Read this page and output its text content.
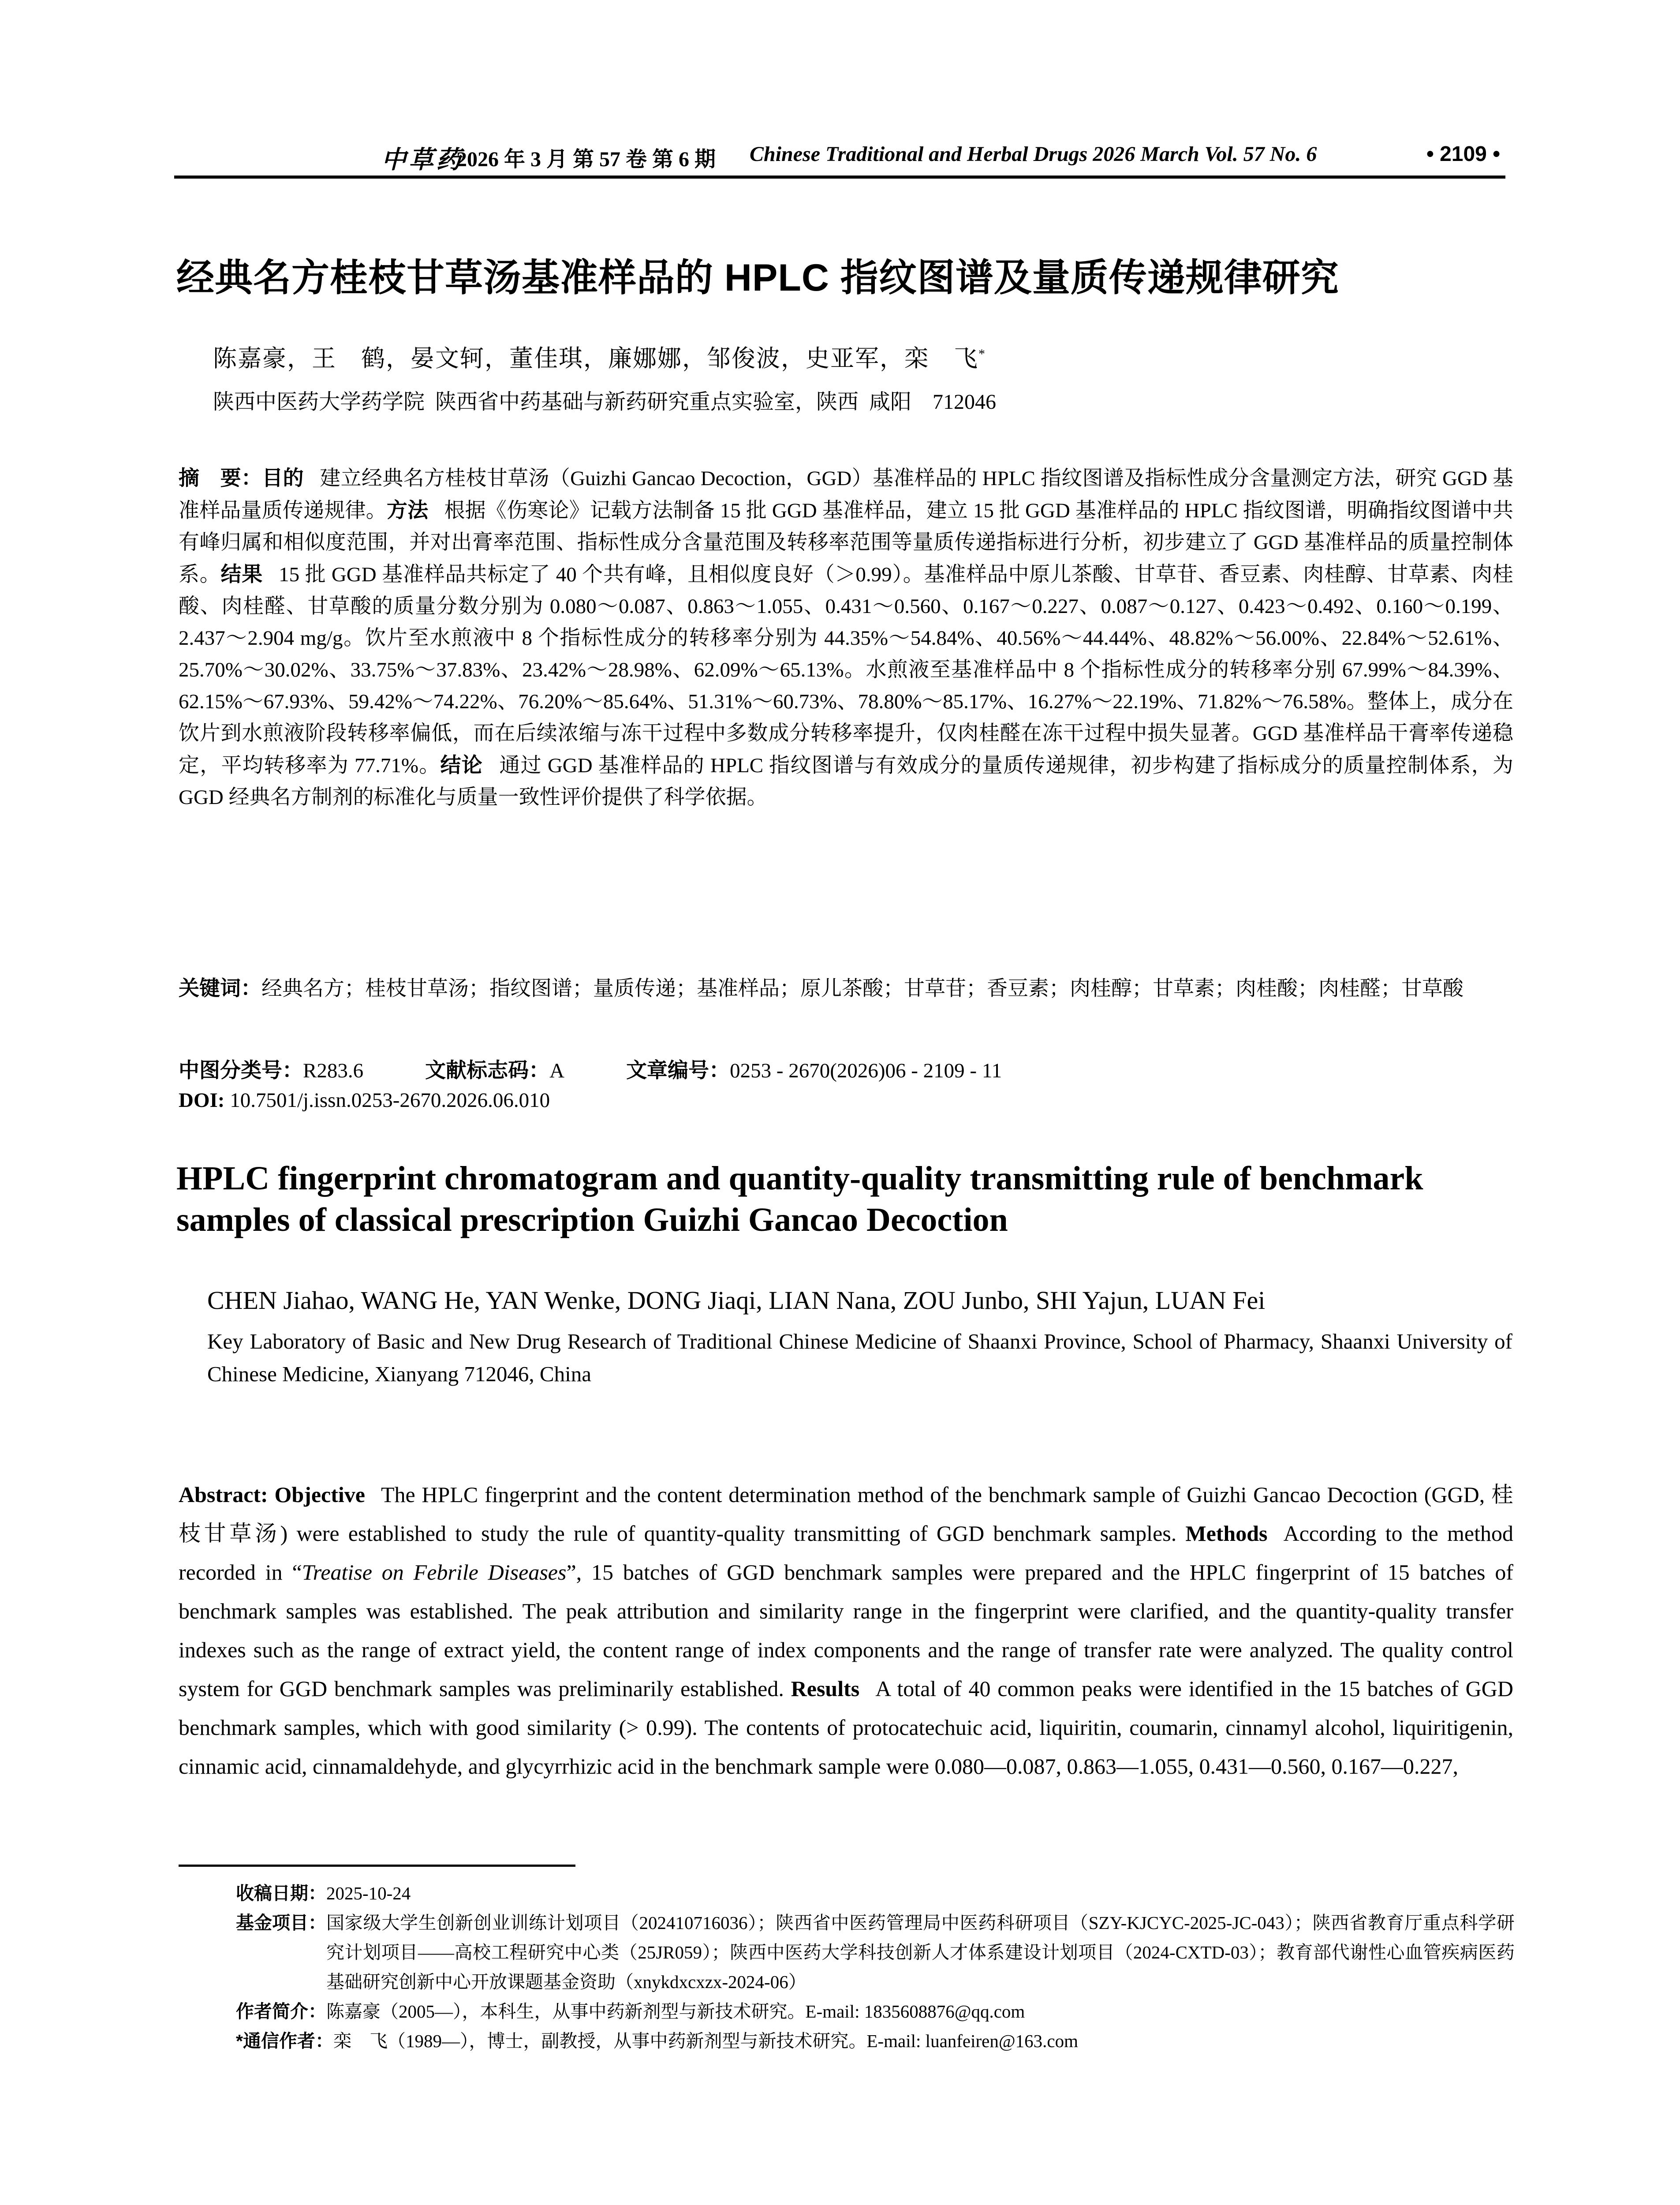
中草药
2026 年 3 月 第 57 卷 第 6 期 Chinese Traditional and Herbal Drugs 2026 March Vol. 57 No. 6	• 2109 •
经典名方桂枝甘草汤基准样品的 HPLC 指纹图谱及量质传递规律研究
陈嘉豪，王　鹤，晏文轲，董佳琪，廉娜娜，邹俊波，史亚军，栾　飞*
陕西中医药大学药学院  陕西省中药基础与新药研究重点实验室，陕西  咸阳    712046
摘　要：目的 建立经典名方桂枝甘草汤（Guizhi Gancao Decoction，GGD）基准样品的 HPLC 指纹图谱及指标性成分含量测定方法，研究 GGD 基准样品量质传递规律。方法 根据《伤寒论》记载方法制备 15 批 GGD 基准样品，建立 15 批 GGD 基准样品的 HPLC 指纹图谱，明确指纹图谱中共有峰归属和相似度范围，并对出膏率范围、指标性成分含量范围及转移率范围等量质传递指标进行分析，初步建立了 GGD 基准样品的质量控制体系。结果 15 批 GGD 基准样品共标定了 40 个共有峰，且相似度良好（＞0.99）。基准样品中原儿茶酸、甘草苷、香豆素、肉桂醇、甘草素、肉桂酸、肉桂醛、甘草酸的质量分数分别为 0.080～0.087、0.863～1.055、0.431～0.560、0.167～0.227、0.087～0.127、0.423～0.492、0.160～0.199、2.437～2.904 mg/g。饮片至水煎液中 8 个指标性成分的转移率分别为 44.35%～54.84%、40.56%～44.44%、48.82%～56.00%、22.84%～52.61%、25.70%～30.02%、33.75%～37.83%、23.42%～28.98%、62.09%～65.13%。水煎液至基准样品中 8 个指标性成分的转移率分别 67.99%～84.39%、62.15%～67.93%、59.42%～74.22%、76.20%～85.64%、51.31%～60.73%、78.80%～85.17%、16.27%～22.19%、71.82%～76.58%。整体上，成分在饮片到水煎液阶段转移率偏低，而在后续浓缩与冻干过程中多数成分转移率提升，仅肉桂醛在冻干过程中损失显著。GGD 基准样品干膏率传递稳定，平均转移率为 77.71%。结论 通过 GGD 基准样品的 HPLC 指纹图谱与有效成分的量质传递规律，初步构建了指标成分的质量控制体系，为 GGD 经典名方制剂的标准化与质量一致性评价提供了科学依据。
关键词：经典名方；桂枝甘草汤；指纹图谱；量质传递；基准样品；原儿茶酸；甘草苷；香豆素；肉桂醇；甘草素；肉桂酸；肉桂醛；甘草酸
中图分类号：R283.6	文献标志码：A	文章编号：0253 - 2670(2026)06 - 2109 - 11
DOI: 10.7501/j.issn.0253-2670.2026.06.010
HPLC fingerprint chromatogram and quantity-quality transmitting rule of benchmark samples of classical prescription Guizhi Gancao Decoction
CHEN Jiahao, WANG He, YAN Wenke, DONG Jiaqi, LIAN Nana, ZOU Junbo, SHI Yajun, LUAN Fei
Key Laboratory of Basic and New Drug Research of Traditional Chinese Medicine of Shaanxi Province, School of Pharmacy, Shaanxi University of Chinese Medicine, Xianyang 712046, China
Abstract: Objective The HPLC fingerprint and the content determination method of the benchmark sample of Guizhi Gancao Decoction (GGD, 桂枝甘草汤) were established to study the rule of quantity-quality transmitting of GGD benchmark samples. Methods According to the method recorded in “Treatise on Febrile Diseases”, 15 batches of GGD benchmark samples were prepared and the HPLC fingerprint of 15 batches of benchmark samples was established. The peak attribution and similarity range in the fingerprint were clarified, and the quantity-quality transfer indexes such as the range of extract yield, the content range of index components and the range of transfer rate were analyzed. The quality control system for GGD benchmark samples was preliminarily established. Results A total of 40 common peaks were identified in the 15 batches of GGD benchmark samples, which with good similarity (> 0.99). The contents of protocatechuic acid, liquiritin, coumarin, cinnamyl alcohol, liquiritigenin, cinnamic acid, cinnamaldehyde, and glycyrrhizic acid in the benchmark sample were 0.080—0.087, 0.863—1.055, 0.431—0.560, 0.167—0.227,
收稿日期： 2025-10-24
基金项目： 国家级大学生创新创业训练计划项目（202410716036）；陕西省中医药管理局中医药科研项目（SZY-KJCYC-2025-JC-043）；陕西省教育厅重点科学研究计划项目——高校工程研究中心类（25JR059）；陕西中医药大学科技创新人才体系建设计划项目（2024-CXTD-03）；教育部代谢性心血管疾病医药基础研究创新中心开放课题基金资助（xnykdxcxzx-2024-06）
作者简介： 陈嘉豪（2005—），本科生，从事中药新剂型与新技术研究。E-mail: 1835608876@qq.com
*通信作者： 栾　飞（1989—），博士，副教授，从事中药新剂型与新技术研究。E-mail: luanfeiren@163.com
